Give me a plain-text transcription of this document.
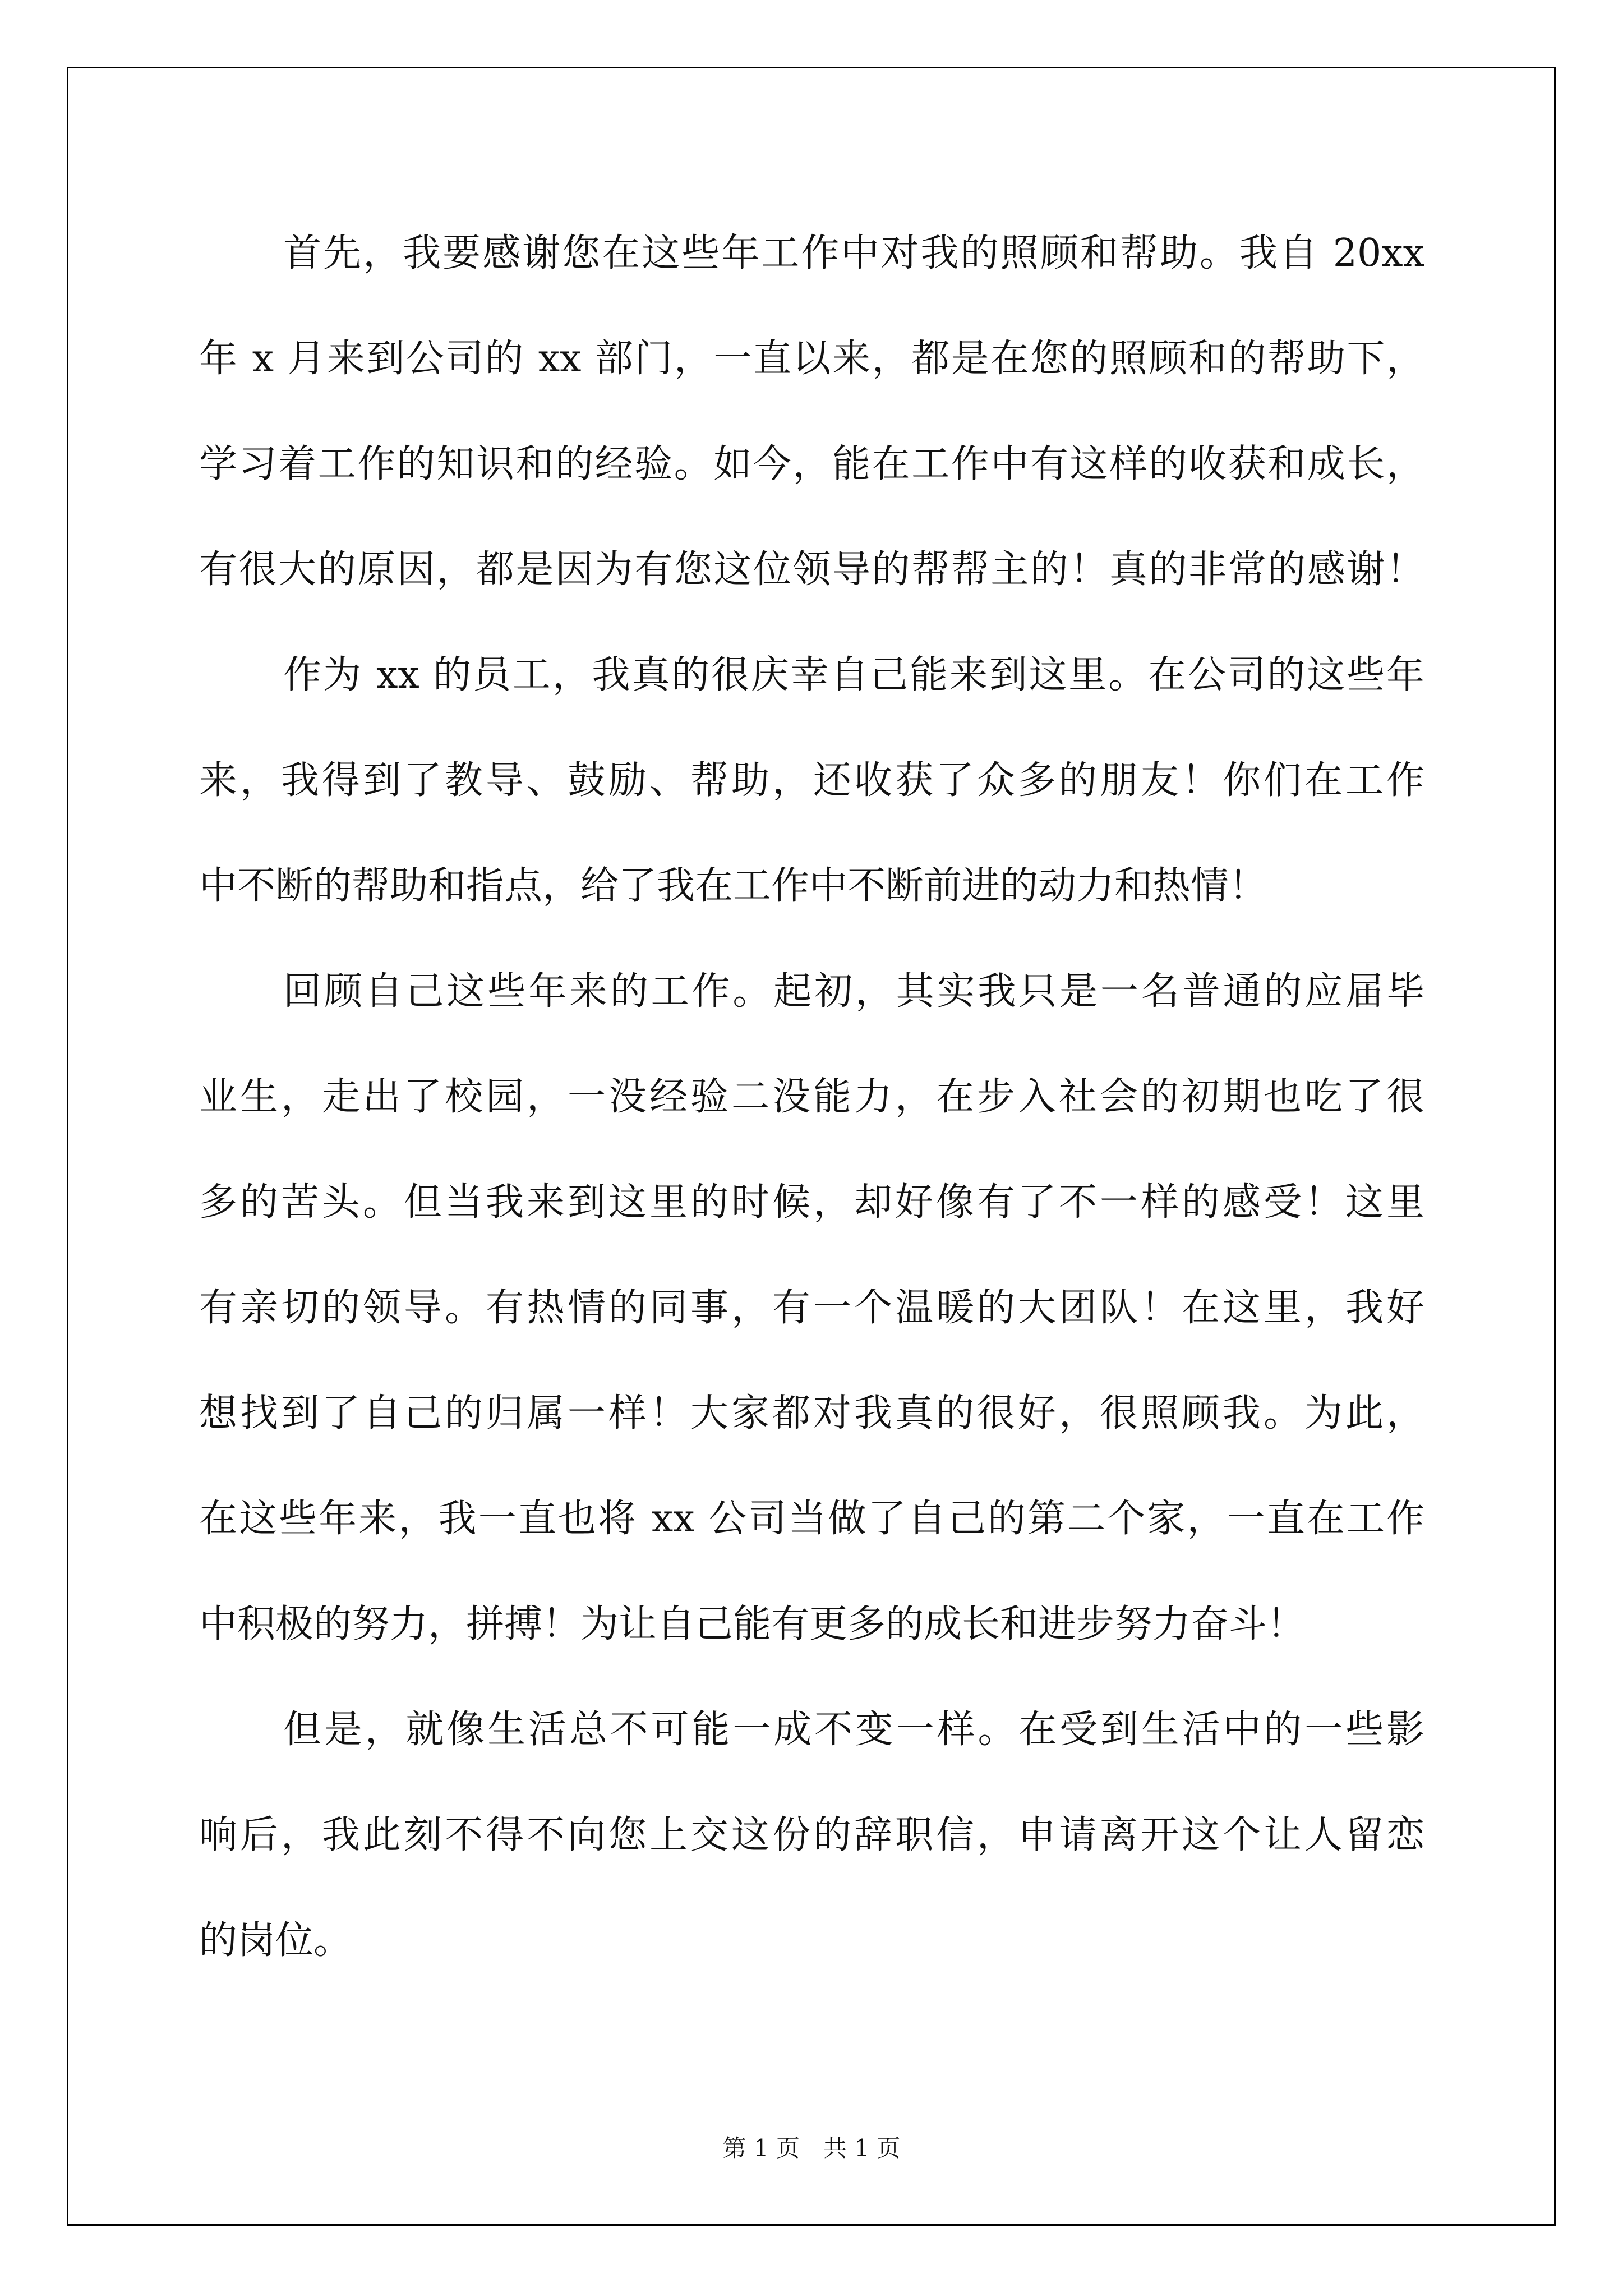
首先，我要感谢您在这些年工作中对我的照顾和帮助。我自 20xx
年 x 月来到公司的 xx 部门，一直以来，都是在您的照顾和的帮助下，
学习着工作的知识和的经验。如今，能在工作中有这样的收获和成长，
有很大的原因，都是因为有您这位领导的帮帮主的！真的非常的感谢！
作为 xx 的员工，我真的很庆幸自己能来到这里。在公司的这些年
来，我得到了教导、鼓励、帮助，还收获了众多的朋友！你们在工作
中不断的帮助和指点，给了我在工作中不断前进的动力和热情！
回顾自己这些年来的工作。起初，其实我只是一名普通的应届毕
业生，走出了校园，一没经验二没能力，在步入社会的初期也吃了很
多的苦头。但当我来到这里的时候，却好像有了不一样的感受！这里
有亲切的领导。有热情的同事，有一个温暖的大团队！在这里，我好
想找到了自己的归属一样！大家都对我真的很好，很照顾我。为此，
在这些年来，我一直也将 xx 公司当做了自己的第二个家，一直在工作
中积极的努力，拼搏！为让自己能有更多的成长和进步努力奋斗！
但是，就像生活总不可能一成不变一样。在受到生活中的一些影
响后，我此刻不得不向您上交这份的辞职信，申请离开这个让人留恋
的岗位。
第 1 页　共 1 页
